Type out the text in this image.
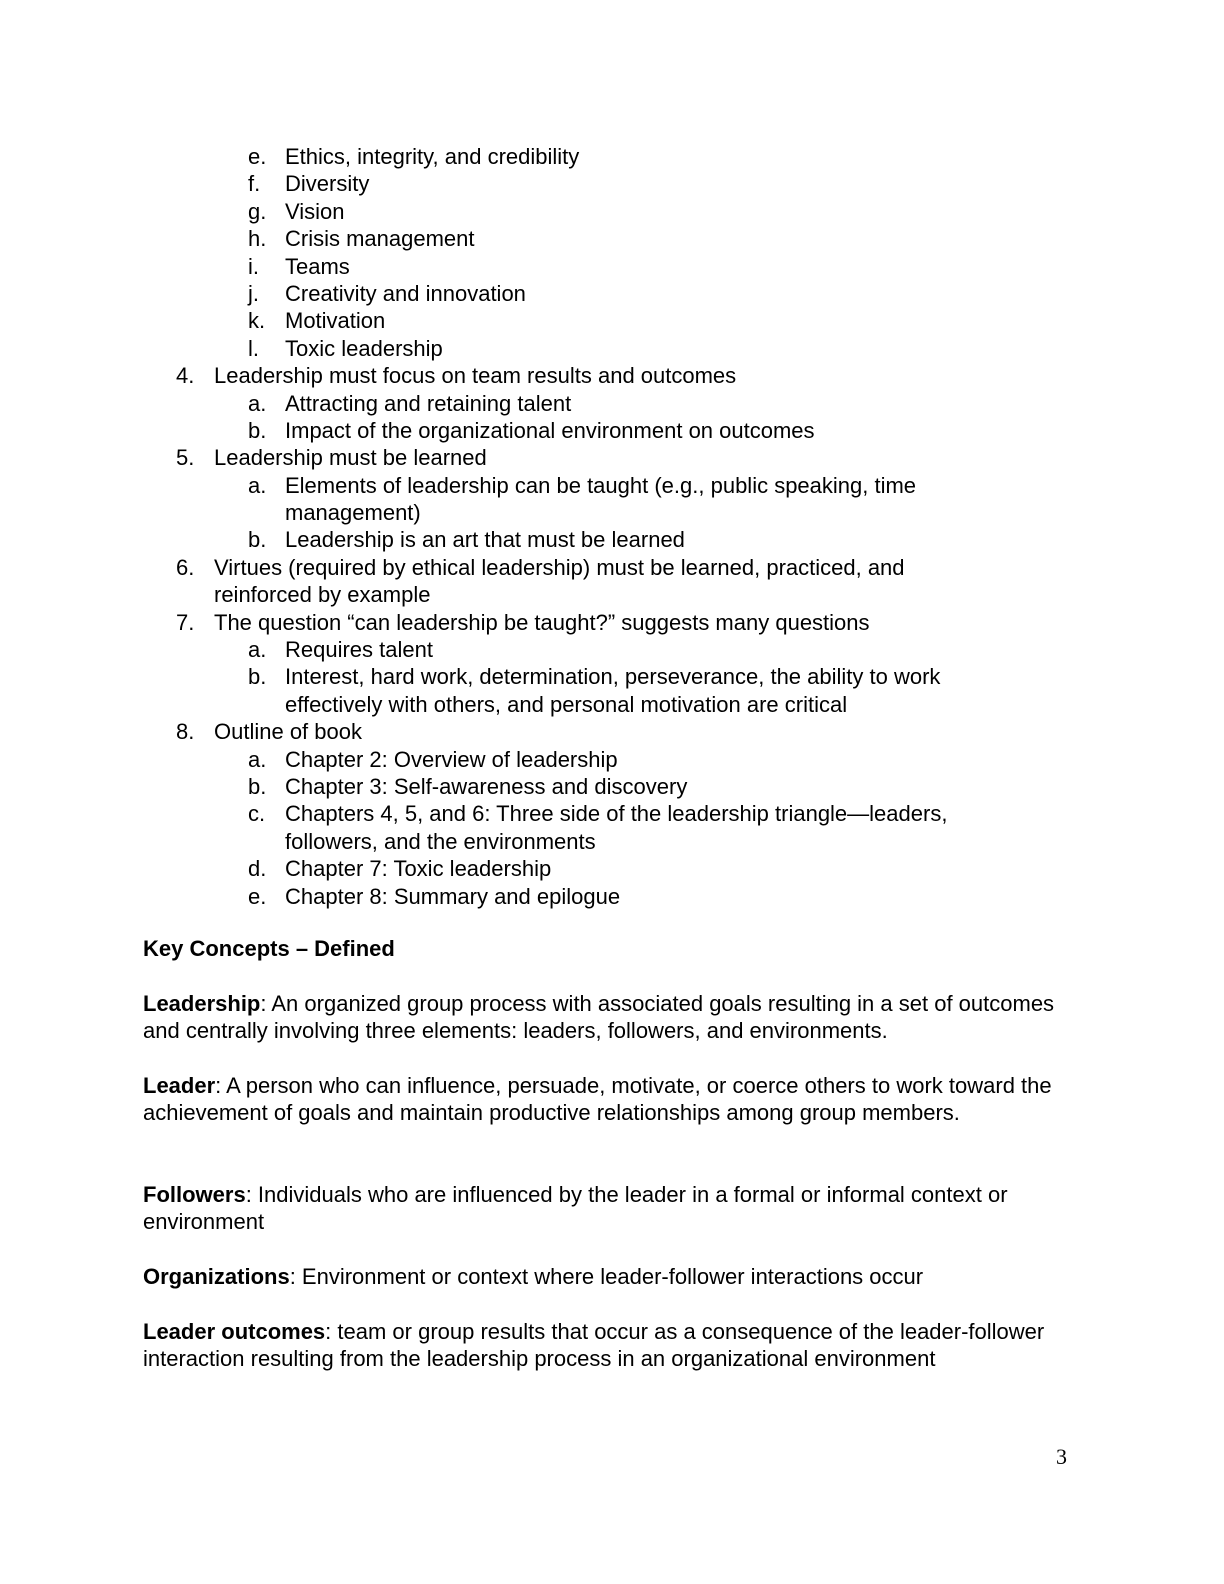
e. Ethics, integrity, and credibility
f. Diversity
g. Vision
h. Crisis management
i. Teams
j. Creativity and innovation
k. Motivation
l. Toxic leadership
4. Leadership must focus on team results and outcomes
a. Attracting and retaining talent
b. Impact of the organizational environment on outcomes
5. Leadership must be learned
a. Elements of leadership can be taught (e.g., public speaking, time
management)
b. Leadership is an art that must be learned
6. Virtues (required by ethical leadership) must be learned, practiced, and
reinforced by example
7. The question “can leadership be taught?” suggests many questions
a. Requires talent
b. Interest, hard work, determination, perseverance, the ability to work
effectively with others, and personal motivation are critical
8. Outline of book
a. Chapter 2: Overview of leadership
b. Chapter 3: Self-awareness and discovery
c. Chapters 4, 5, and 6: Three side of the leadership triangle—leaders,
followers, and the environments
d. Chapter 7: Toxic leadership
e. Chapter 8: Summary and epilogue
Key Concepts – Defined
Leadership: An organized group process with associated goals resulting in a set of outcomes and centrally involving three elements: leaders, followers, and environments.
Leader: A person who can influence, persuade, motivate, or coerce others to work toward the achievement of goals and maintain productive relationships among group members.
Followers: Individuals who are influenced by the leader in a formal or informal context or environment
Organizations: Environment or context where leader-follower interactions occur
Leader outcomes: team or group results that occur as a consequence of the leader-follower interaction resulting from the leadership process in an organizational environment
3
